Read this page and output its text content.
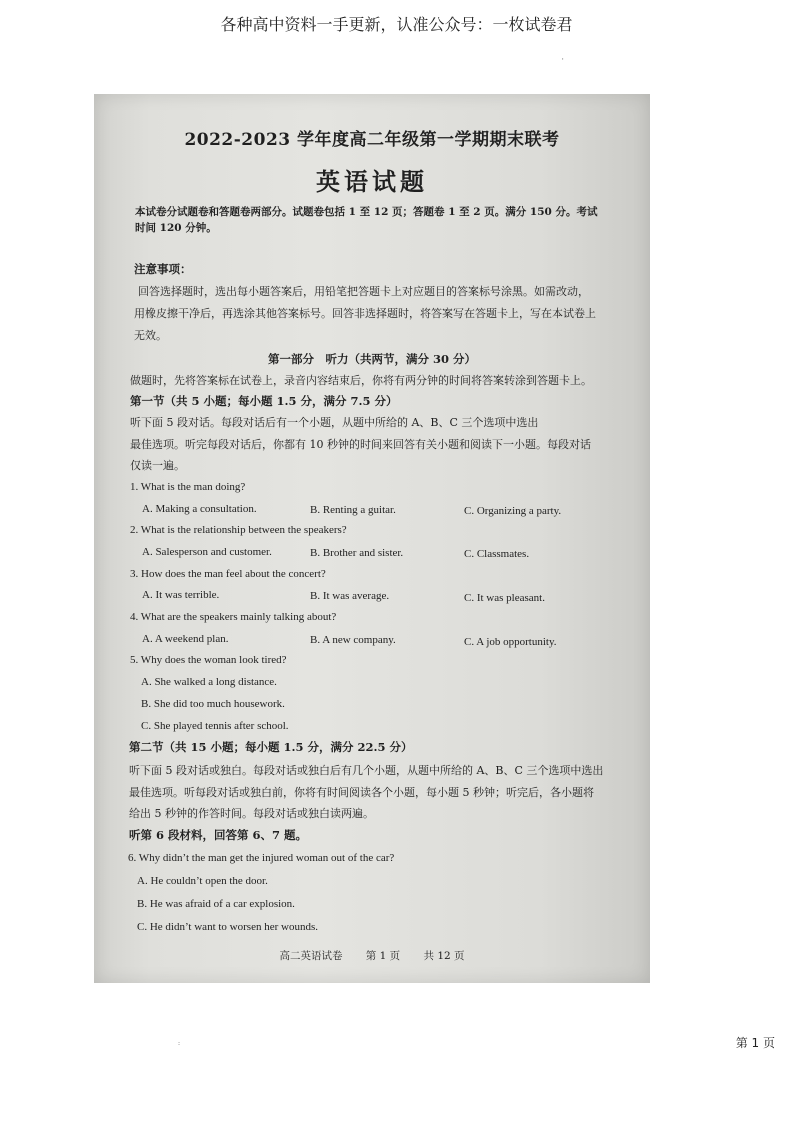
各种高中资料一手更新，认准公众号：一枚试卷君
'
2022-2023 学年度高二年级第一学期期末联考
英语试题
本试卷分试题卷和答题卷两部分。试题卷包括 1 至 12 页；答题卷 1 至 2 页。满分 150 分。考试
时间 120 分钟。
注意事项：
回答选择题时，选出每小题答案后，用铅笔把答题卡上对应题目的答案标号涂黑。如需改动，
用橡皮擦干净后，再选涂其他答案标号。回答非选择题时，将答案写在答题卡上，写在本试卷上
无效。
第一部分　听力（共两节，满分 30 分）
做题时，先将答案标在试卷上，录音内容结束后，你将有两分钟的时间将答案转涂到答题卡上。
第一节（共 5 小题；每小题 1.5 分，满分 7.5 分）
听下面 5 段对话。每段对话后有一个小题，从题中所给的 A、B、C 三个选项中选出
最佳选项。听完每段对话后，你都有 10 秒钟的时间来回答有关小题和阅读下一小题。每段对话
仅读一遍。
1. What is the man doing?
A. Making a consultation.	B. Renting a guitar.	C. Organizing a party.
2. What is the relationship between the speakers?
A. Salesperson and customer.	B. Brother and sister.	C. Classmates.
3. How does the man feel about the concert?
A. It was terrible.	B. It was average.	C. It was pleasant.
4. What are the speakers mainly talking about?
A. A weekend plan.	B. A new company.	C. A job opportunity.
5. Why does the woman look tired?
A. She walked a long distance.
B. She did too much housework.
C. She played tennis after school.
第二节（共 15 小题；每小题 1.5 分，满分 22.5 分）
听下面 5 段对话或独白。每段对话或独白后有几个小题，从题中所给的 A、B、C 三个选项中选出
最佳选项。听每段对话或独白前，你将有时间阅读各个小题，每小题 5 秒钟；听完后，各小题将
给出 5 秒钟的作答时间。每段对话或独白读两遍。
听第 6 段材料，回答第 6、7 题。
6. Why didn’t the man get the injured woman out of the car?
A. He couldn’t open the door.
B. He was afraid of a car explosion.
C. He didn’t want to worsen her wounds.
高二英语试卷 第 1 页 共 12 页
:	第 1 页
